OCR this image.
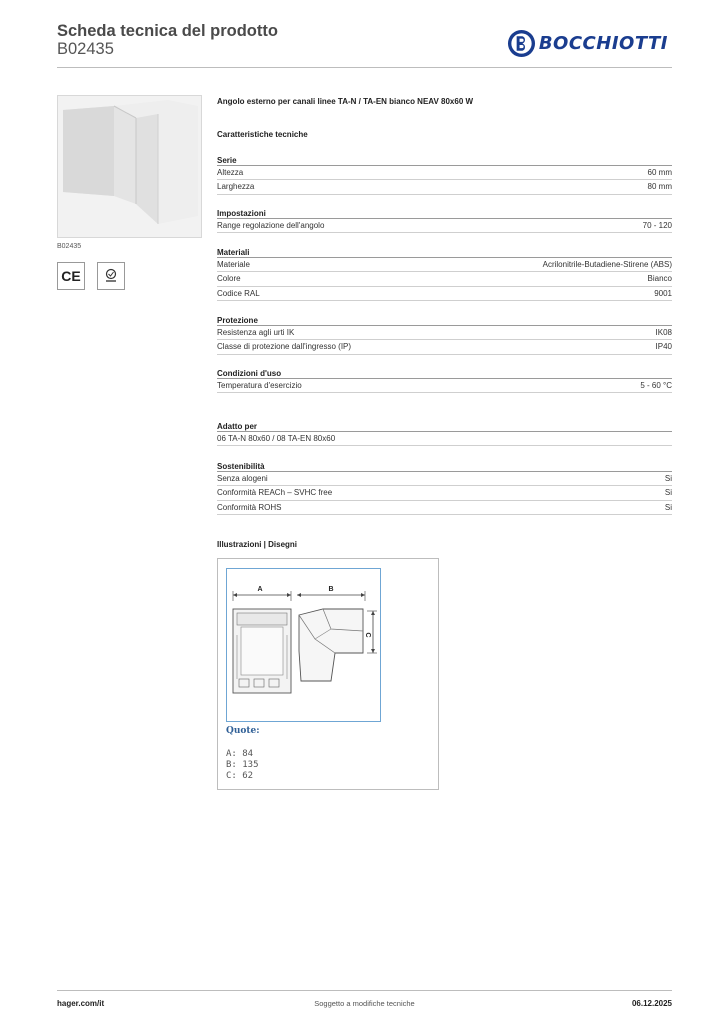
Scheda tecnica del prodotto
B02435	BOCCHIOTTI
B02435
CE
Angolo esterno per canali linee TA-N / TA-EN bianco NEAV 80x60 W
Caratteristiche tecniche
Serie
Altezza	60 mm
Larghezza	80 mm
Impostazioni
Range regolazione dell'angolo	70 - 120
Materiali
Materiale	Acrilonitrile-Butadiene-Stirene (ABS)
Colore	Bianco
Codice RAL	9001
Protezione
Resistenza agli urti IK	IK08
Classe di protezione dall'ingresso (IP)	IP40
Condizioni d'uso
Temperatura d'esercizio	5 - 60 °C
Adatto per
06 TA-N 80x60 / 08 TA-EN 80x60
Sostenibilità
Senza alogeni	Si
Conformità REACh – SVHC free	Si
Conformità ROHS	Si
Illustrazioni | Disegni
A	B
C
Quote:
A: 84
B: 135
C: 62
hager.com/it	Soggetto a modifiche tecniche	06.12.2025
